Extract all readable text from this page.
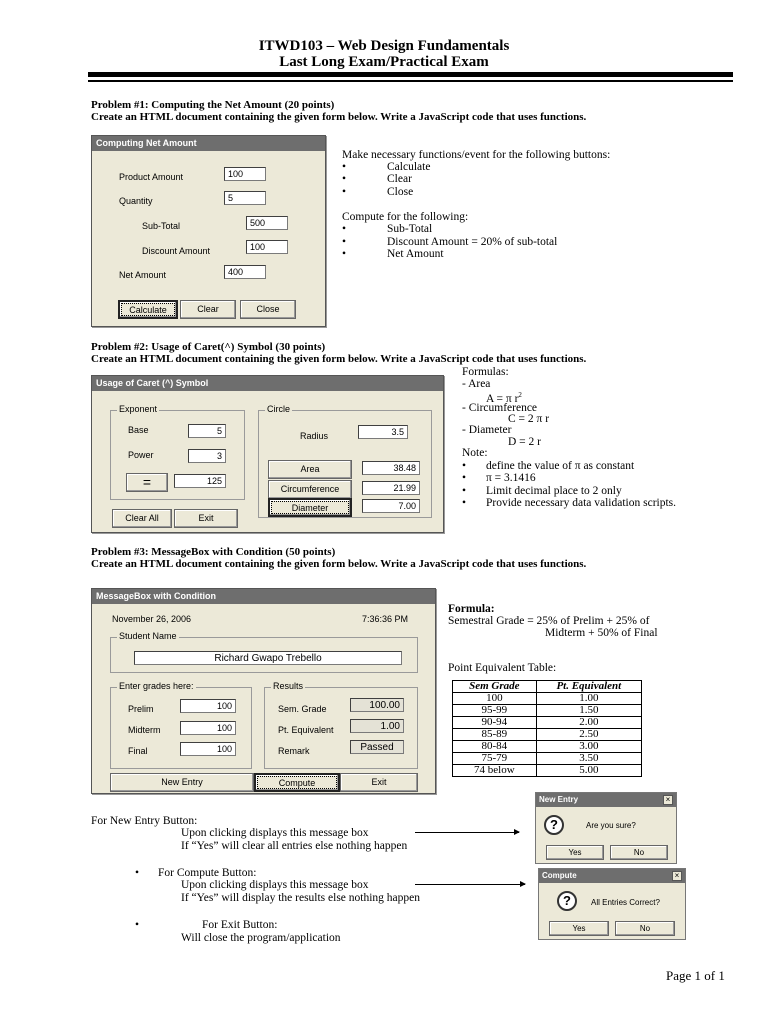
ITWD103 – Web Design Fundamentals
Last Long Exam/Practical Exam
Problem #1: Computing the Net Amount (20 points)
Create an HTML document containing the given form below. Write a JavaScript code that uses functions.
Computing Net Amount
Product Amount	100
Quantity	5
Sub-Total	500
Discount Amount	100
Net Amount	400
Calculate	Clear	Close
Make necessary functions/event for the following buttons:
•	Calculate
•	Clear
•	Close
Compute for the following:
•	Sub-Total
•	Discount Amount = 20% of sub-total
•	Net Amount
Problem #2: Usage of Caret(^) Symbol (30 points)
Create an HTML document containing the given form below. Write a JavaScript code that uses functions.
Usage of Caret (^) Symbol
Exponent
Base	5
Power	3
=	125
Circle
Radius	3.5
Area	38.48
Circumference	21.99
Diameter	7.00
Clear All	Exit
Formulas:
- Area
A = π $r^2$
- Circumference
C = 2 π r
- Diameter
D = 2 r
Note:
• define the value of π as constant
• π = 3.1416
• Limit decimal place to 2 only
• Provide necessary data validation scripts.
Problem #3: MessageBox with Condition (50 points)
Create an HTML document containing the given form below. Write a JavaScript code that uses functions.
MessageBox with Condition
November 26, 2006	7:36:36 PM
Student Name
Richard Gwapo Trebello
Enter grades here:
Prelim	100
Midterm	100
Final	100
Results
Sem. Grade	100.00
Pt. Equivalent	1.00
Remark	Passed
New Entry	Compute	Exit
Formula:
Semestral Grade = 25% of Prelim + 25% of
Midterm + 50% of Final
Point Equivalent Table:
Sem Grade	Pt. Equivalent
100	1.00
95-99	1.50
90-94	2.00
85-89	2.50
80-84	3.00
75-79	3.50
74 below	5.00
For New Entry Button:
Upon clicking displays this message box
If “Yes” will clear all entries else nothing happen
• For Compute Button:
Upon clicking displays this message box
If “Yes” will display the results else nothing happen
•	For Exit Button:
Will close the program/application
New Entry	×
?	Are you sure?
Yes	No
Compute	×
?	All Entries Correct?
Yes	No
Page 1 of 1
